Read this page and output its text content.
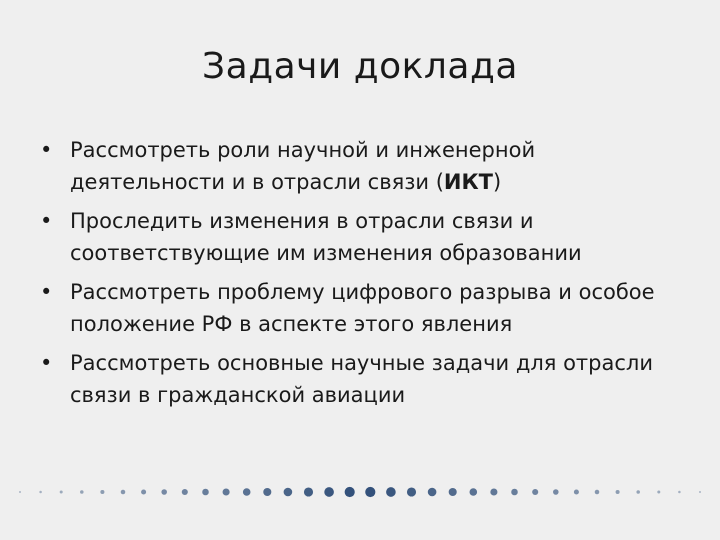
Задачи доклада
• Рассмотреть роли научной и инженерной деятельности и в отрасли связи (ИКТ)
• Проследить изменения в отрасли связи и соответствующие им изменения образовании
• Рассмотреть проблему цифрового разрыва и особое положение РФ в аспекте этого явления
• Рассмотреть основные научные задачи для отрасли связи в гражданской авиации
